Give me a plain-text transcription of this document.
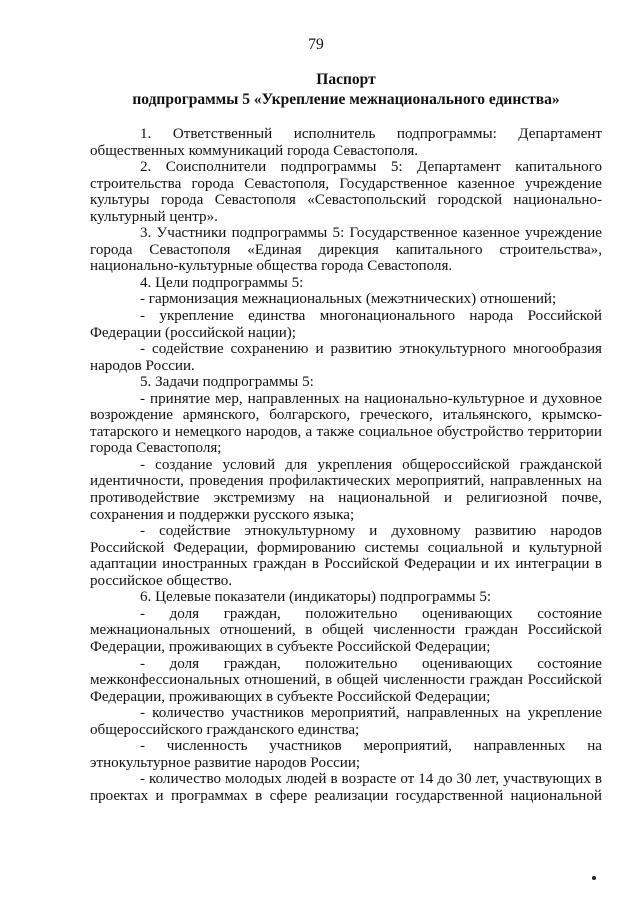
79
Паспорт
подпрограммы 5 «Укрепление межнационального единства»

1. Ответственный исполнитель подпрограммы: Департамент общественных коммуникаций города Севастополя.

2. Соисполнители подпрограммы 5: Департамент капитального строительства города Севастополя, Государственное казенное учреждение культуры города Севастополя «Севастопольский городской национально-культурный центр».

3. Участники подпрограммы 5: Государственное казенное учреждение города Севастополя «Единая дирекция капитального строительства», национально-культурные общества города Севастополя.

4. Цели подпрограммы 5:

- гармонизация межнациональных (межэтнических) отношений;

- укрепление единства многонационального народа Российской Федерации (российской нации);

- содействие сохранению и развитию этнокультурного многообразия народов России.

5. Задачи подпрограммы 5:

- принятие мер, направленных на национально-культурное и духовное возрождение армянского, болгарского, греческого, итальянского, крымско-татарского и немецкого народов, а также социальное обустройство территории города Севастополя;

- создание условий для укрепления общероссийской гражданской идентичности, проведения профилактических мероприятий, направленных на противодействие экстремизму на национальной и религиозной почве, сохранения и поддержки русского языка;

- содействие этнокультурному и духовному развитию народов Российской Федерации, формированию системы социальной и культурной адаптации иностранных граждан в Российской Федерации и их интеграции в российское общество.

6. Целевые показатели (индикаторы) подпрограммы 5:

- доля граждан, положительно оценивающих состояние межнациональных отношений, в общей численности граждан Российской Федерации, проживающих в субъекте Российской Федерации;

- доля граждан, положительно оценивающих состояние межконфессиональных отношений, в общей численности граждан Российской Федерации, проживающих в субъекте Российской Федерации;

- количество участников мероприятий, направленных на укрепление общероссийского гражданского единства;

- численность участников мероприятий, направленных на этнокультурное развитие народов России;

- количество молодых людей в возрасте от 14 до 30 лет, участвующих в проектах и программах в сфере реализации государственной национальной
